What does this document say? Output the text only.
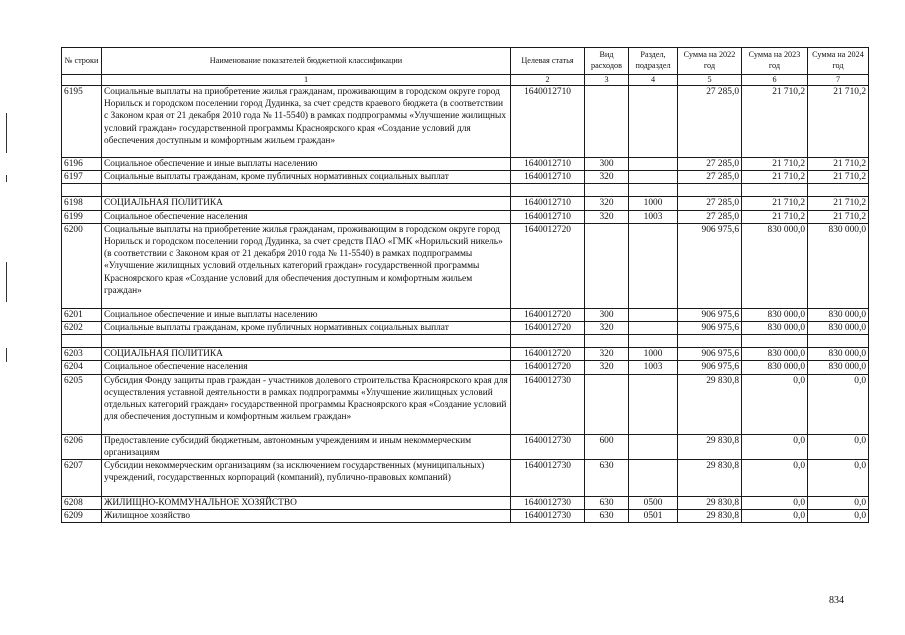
№ строки	Наименование показателей бюджетной классификации	Целевая статья	Вид расходов	Раздел, подраздел	Сумма на 2022 год	Сумма на 2023 год	Сумма на 2024 год
	1	2	3	4	5	6	7
6195	Социальные выплаты на приобретение жилья гражданам, проживающим в городском округе город Норильск и городском поселении город Дудинка, за счет средств краевого бюджета (в соответствии с Законом края от 21 декабря 2010 года № 11-5540) в рамках подпрограммы «Улучшение жилищных условий граждан» государственной программы Красноярского края «Создание условий для обеспечения доступным и комфортным жильем граждан»	1640012710			27 285,0	21 710,2	21 710,2
6196	Социальное обеспечение и иные выплаты населению	1640012710	300		27 285,0	21 710,2	21 710,2
6197	Социальные выплаты гражданам, кроме публичных нормативных социальных выплат	1640012710	320		27 285,0	21 710,2	21 710,2

6198	СОЦИАЛЬНАЯ ПОЛИТИКА	1640012710	320	1000	27 285,0	21 710,2	21 710,2
6199	Социальное обеспечение населения	1640012710	320	1003	27 285,0	21 710,2	21 710,2
6200	Социальные выплаты на приобретение жилья гражданам, проживающим в городском округе город Норильск и городском поселении город Дудинка, за счет средств ПАО «ГМК «Норильский никель» (в соответствии с Законом края от 21 декабря 2010 года № 11-5540) в рамках подпрограммы «Улучшение жилищных условий отдельных категорий граждан» государственной программы Красноярского края «Создание условий для обеспечения доступным и комфортным жильем граждан»	1640012720			906 975,6	830 000,0	830 000,0
6201	Социальное обеспечение и иные выплаты населению	1640012720	300		906 975,6	830 000,0	830 000,0
6202	Социальные выплаты гражданам, кроме публичных нормативных социальных выплат	1640012720	320		906 975,6	830 000,0	830 000,0

6203	СОЦИАЛЬНАЯ ПОЛИТИКА	1640012720	320	1000	906 975,6	830 000,0	830 000,0
6204	Социальное обеспечение населения	1640012720	320	1003	906 975,6	830 000,0	830 000,0
6205	Субсидия Фонду защиты прав граждан - участников долевого строительства Красноярского края для осуществления уставной деятельности в рамках подпрограммы «Улучшение жилищных условий отдельных категорий граждан» государственной программы Красноярского края «Создание условий для обеспечения доступным и комфортным жильем граждан»	1640012730			29 830,8	0,0	0,0
6206	Предоставление субсидий бюджетным, автономным учреждениям и иным некоммерческим организациям	1640012730	600		29 830,8	0,0	0,0
6207	Субсидии некоммерческим организациям (за исключением государственных (муниципальных) учреждений, государственных корпораций (компаний), публично-правовых компаний)	1640012730	630		29 830,8	0,0	0,0
6208	ЖИЛИЩНО-КОММУНАЛЬНОЕ ХОЗЯЙСТВО	1640012730	630	0500	29 830,8	0,0	0,0
6209	Жилищное хозяйство	1640012730	630	0501	29 830,8	0,0	0,0
834
